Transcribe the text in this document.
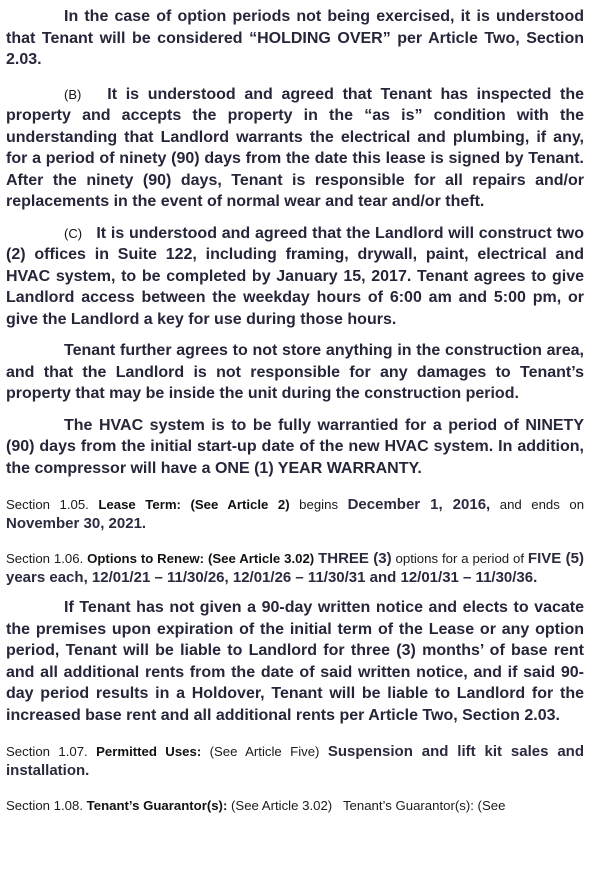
In the case of option periods not being exercised, it is understood that Tenant will be considered “HOLDING OVER” per Article Two, Section 2.03.

(B) It is understood and agreed that Tenant has inspected the property and accepts the property in the “as is” condition with the understanding that Landlord warrants the electrical and plumbing, if any, for a period of ninety (90) days from the date this lease is signed by Tenant. After the ninety (90) days, Tenant is responsible for all repairs and/or replacements in the event of normal wear and tear and/or theft.

(C) It is understood and agreed that the Landlord will construct two (2) offices in Suite 122, including framing, drywall, paint, electrical and HVAC system, to be completed by January 15, 2017. Tenant agrees to give Landlord access between the weekday hours of 6:00 am and 5:00 pm, or give the Landlord a key for use during those hours.

Tenant further agrees to not store anything in the construction area, and that the Landlord is not responsible for any damages to Tenant’s property that may be inside the unit during the construction period.

The HVAC system is to be fully warrantied for a period of NINETY (90) days from the initial start-up date of the new HVAC system. In addition, the compressor will have a ONE (1) YEAR WARRANTY.

Section 1.05. Lease Term: (See Article 2) begins December 1, 2016, and ends on November 30, 2021.

Section 1.06. Options to Renew: (See Article 3.02) THREE (3) options for a period of FIVE (5) years each, 12/01/21 – 11/30/26, 12/01/26 – 11/30/31 and 12/01/31 – 11/30/36.

If Tenant has not given a 90-day written notice and elects to vacate the premises upon expiration of the initial term of the Lease or any option period, Tenant will be liable to Landlord for three (3) months’ of base rent and all additional rents from the date of said written notice, and if said 90-day period results in a Holdover, Tenant will be liable to Landlord for the increased base rent and all additional rents per Article Two, Section 2.03.

Section 1.07. Permitted Uses: (See Article Five) Suspension and lift kit sales and installation.

Section 1.08. Tenant’s Guarantor(s): (See Article 3.02) Tenant’s Guarantor(s): (See
